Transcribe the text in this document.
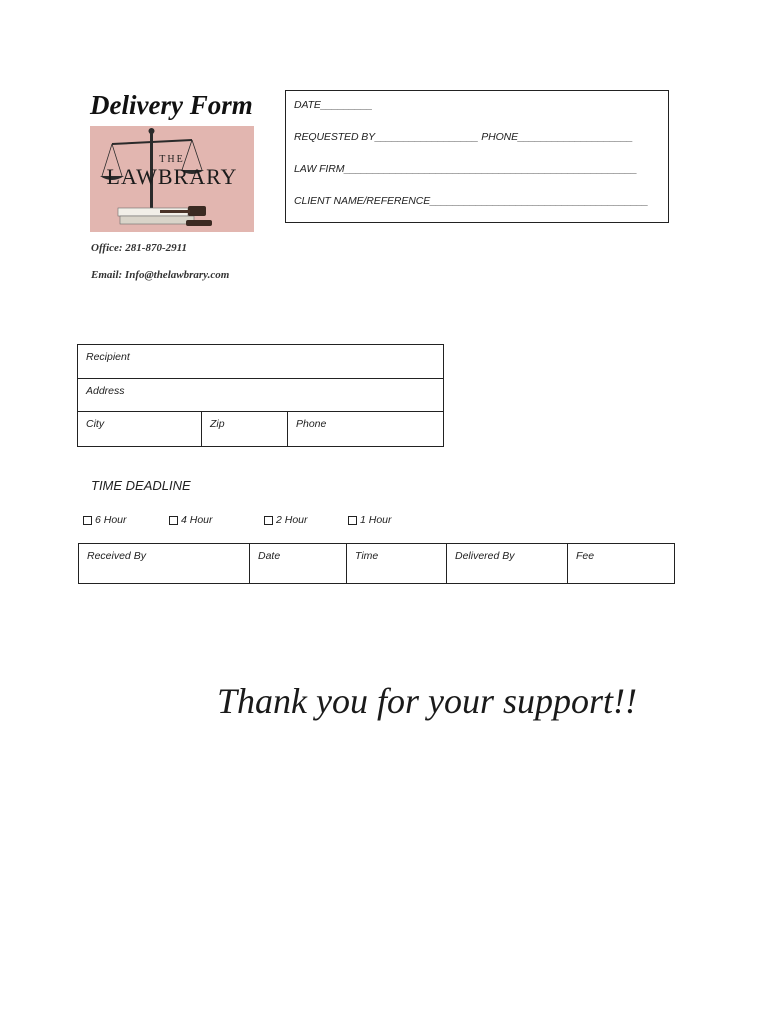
Delivery Form
THE
LAWBRARY
Office: 281-870-2911
Email: Info@thelawbrary.com
DATE_________
REQUESTED BY__________________ PHONE____________________
LAW FIRM___________________________________________________
CLIENT NAME/REFERENCE______________________________________
Recipient
Address
City	Zip	Phone
TIME DEADLINE
6 Hour	4 Hour	2 Hour	1 Hour
Received By	Date	Time	Delivered By	Fee
Thank you for your support!!
